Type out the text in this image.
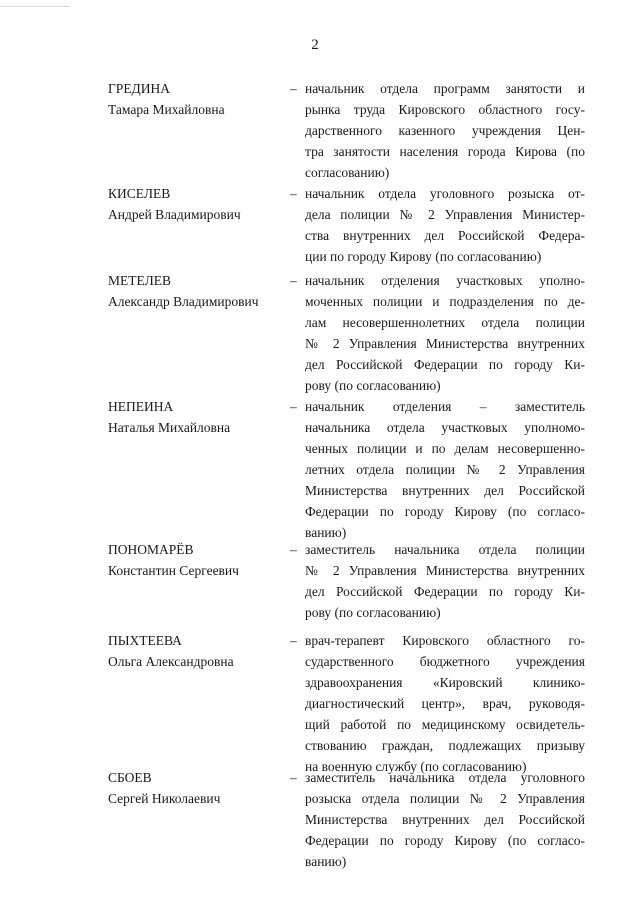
2
ГРЕДИНА
Тамара Михайловна
– начальник отдела программ занятости и
рынка труда Кировского областного госу-
дарственного казенного учреждения Цен-
тра занятости населения города Кирова (по
согласованию)
КИСЕЛЕВ
Андрей Владимирович
– начальник отдела уголовного розыска от-
дела полиции № 2 Управления Министер-
ства внутренних дел Российской Федера-
ции по городу Кирову (по согласованию)
МЕТЕЛЕВ
Александр Владимирович
– начальник отделения участковых уполно-
моченных полиции и подразделения по де-
лам несовершеннолетних отдела полиции
№ 2 Управления Министерства внутренних
дел Российской Федерации по городу Ки-
рову (по согласованию)
НЕПЕИНА
Наталья Михайловна
– начальник отделения – заместитель
начальника отдела участковых уполномо-
ченных полиции и по делам несовершенно-
летних отдела полиции № 2 Управления
Министерства внутренних дел Российской
Федерации по городу Кирову (по согласо-
ванию)
ПОНОМАРЁВ
Константин Сергеевич
– заместитель начальника отдела полиции
№ 2 Управления Министерства внутренних
дел Российской Федерации по городу Ки-
рову (по согласованию)
ПЫХТЕЕВА
Ольга Александровна
– врач-терапевт Кировского областного го-
сударственного бюджетного учреждения
здравоохранения «Кировский клинико-
диагностический центр», врач, руководя-
щий работой по медицинскому освидетель-
ствованию граждан, подлежащих призыву
на военную службу (по согласованию)
СБОЕВ
Сергей Николаевич
– заместитель начальника отдела уголовного
розыска отдела полиции № 2 Управления
Министерства внутренних дел Российской
Федерации по городу Кирову (по согласо-
ванию)
